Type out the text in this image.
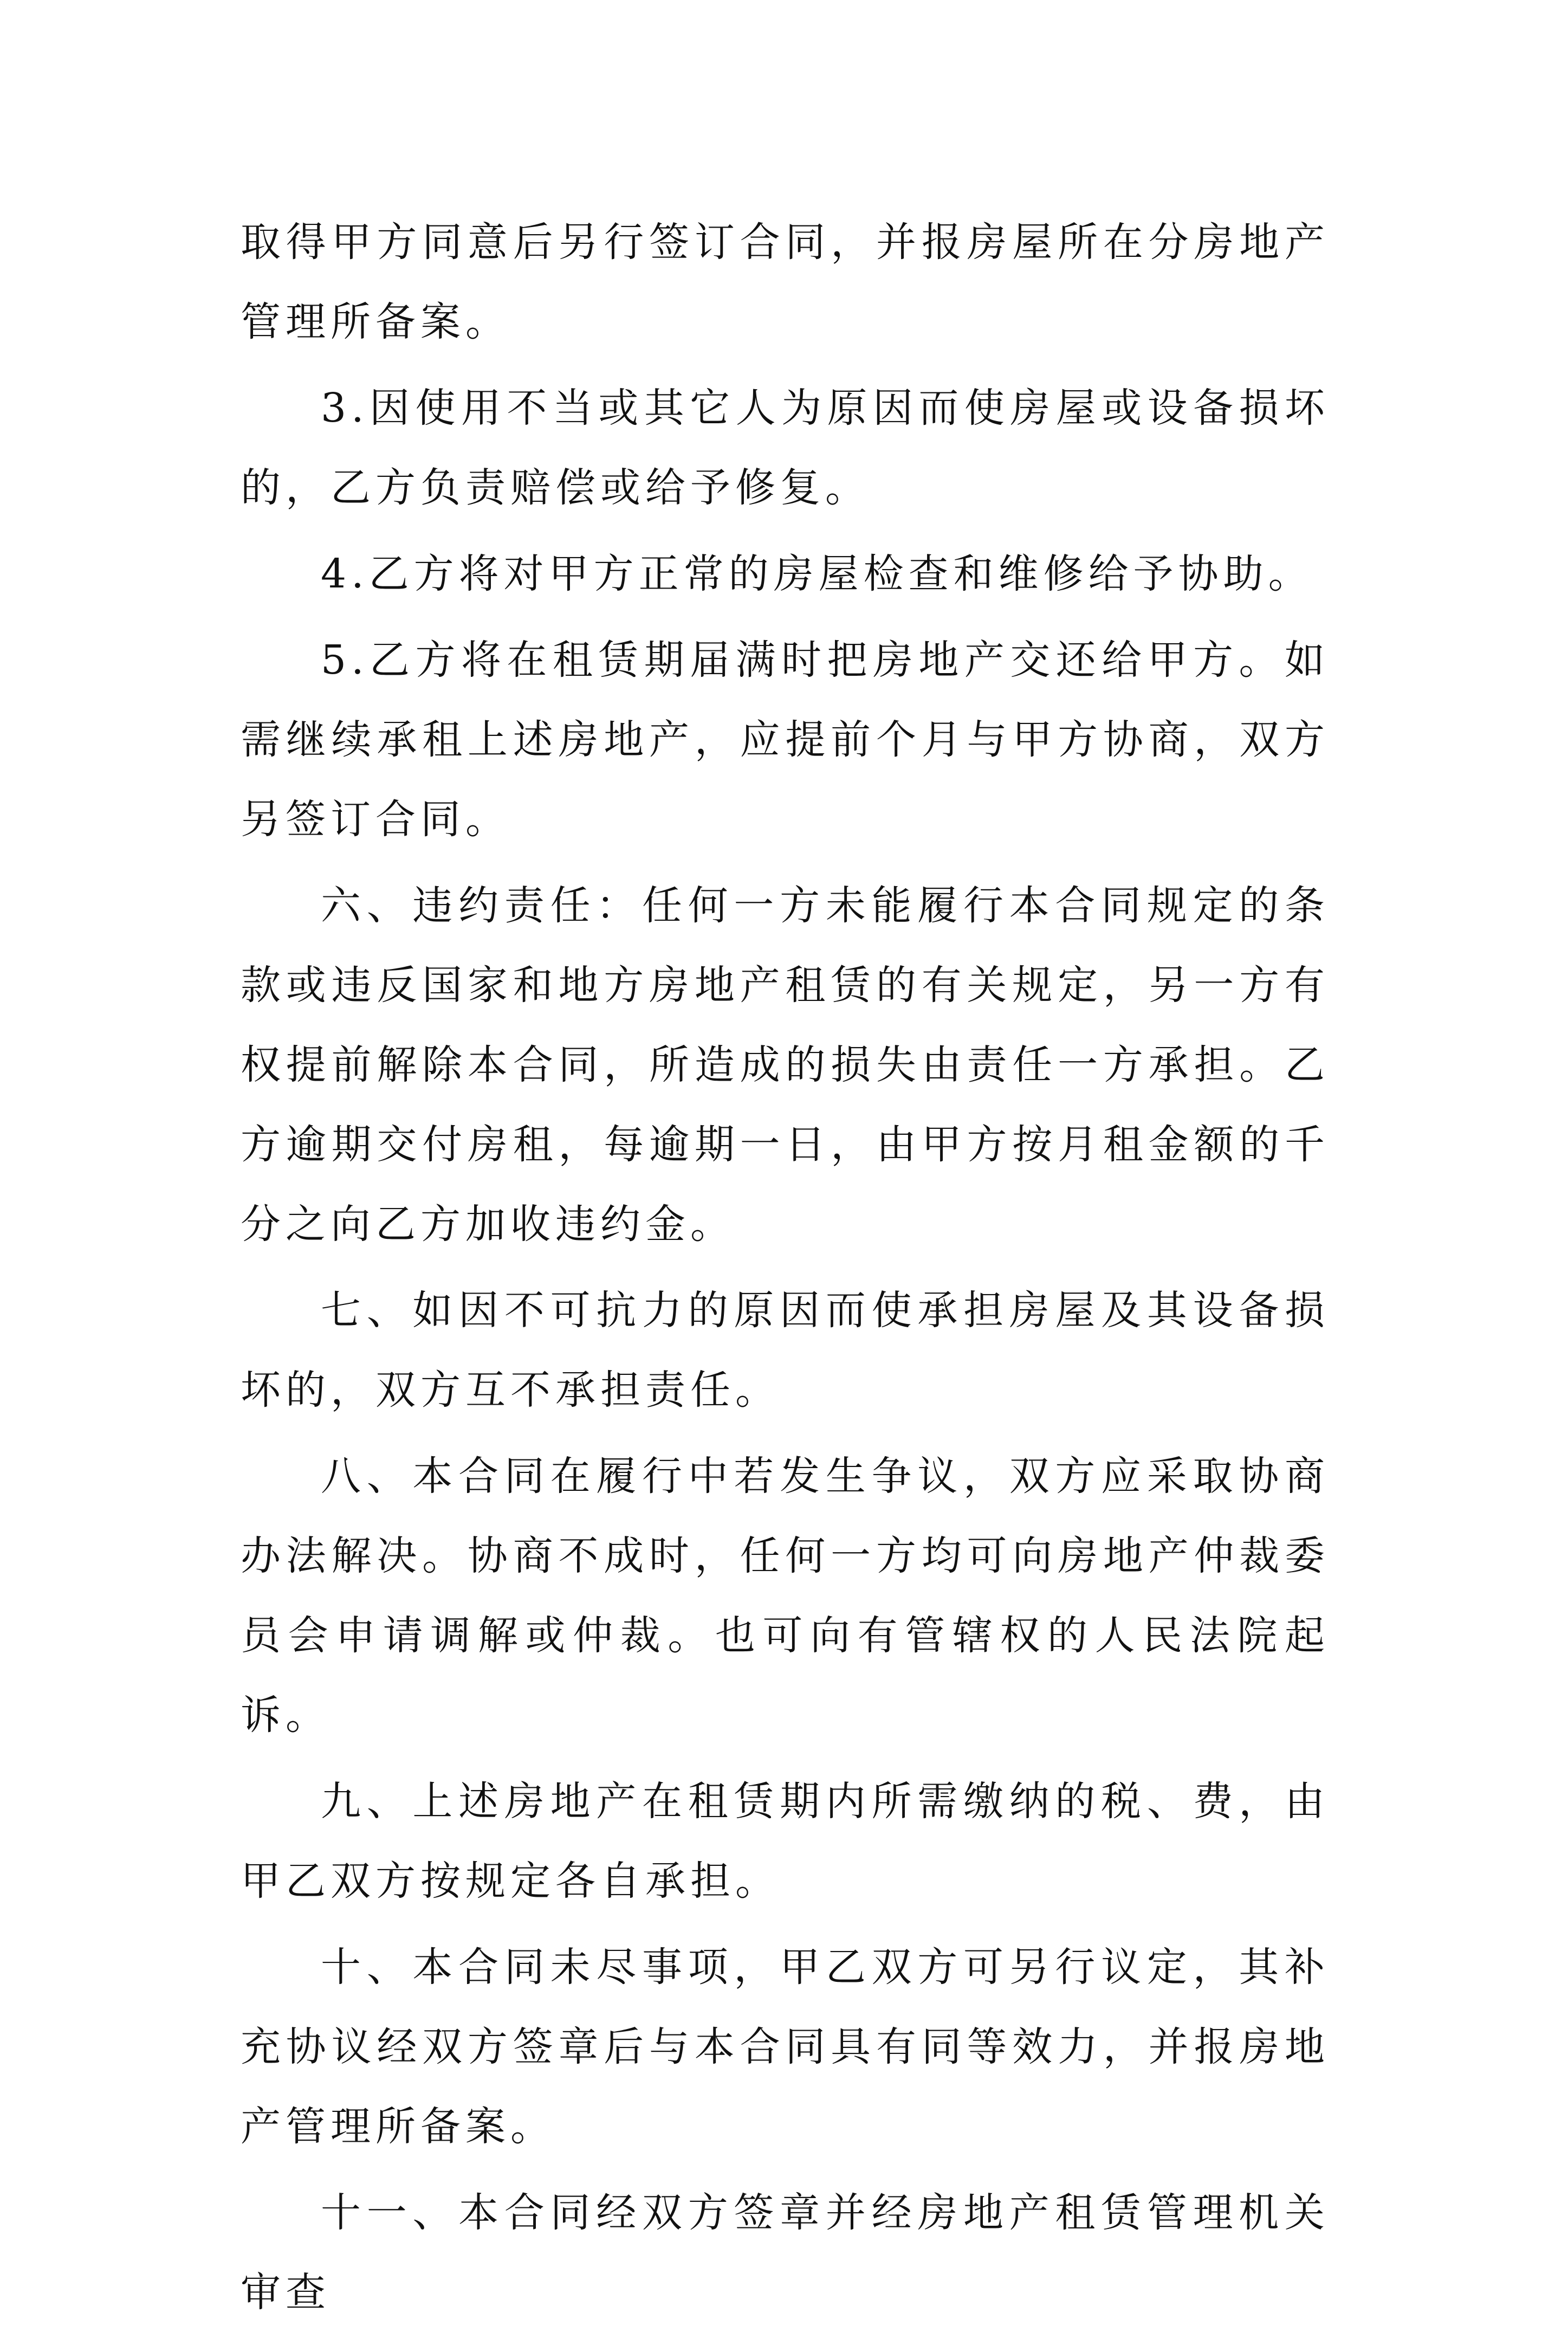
取得甲方同意后另行签订合同，并报房屋所在分房地产管理所备案。

3.因使用不当或其它人为原因而使房屋或设备损坏的，乙方负责赔偿或给予修复。

4.乙方将对甲方正常的房屋检查和维修给予协助。

5.乙方将在租赁期届满时把房地产交还给甲方。如需继续承租上述房地产，应提前个月与甲方协商，双方另签订合同。

六、违约责任：任何一方未能履行本合同规定的条款或违反国家和地方房地产租赁的有关规定，另一方有权提前解除本合同，所造成的损失由责任一方承担。乙方逾期交付房租，每逾期一日，由甲方按月租金额的千分之向乙方加收违约金。

七、如因不可抗力的原因而使承担房屋及其设备损坏的，双方互不承担责任。

八、本合同在履行中若发生争议，双方应采取协商办法解决。协商不成时，任何一方均可向房地产仲裁委员会申请调解或仲裁。也可向有管辖权的人民法院起诉。

九、上述房地产在租赁期内所需缴纳的税、费，由甲乙双方按规定各自承担。

十、本合同未尽事项，甲乙双方可另行议定，其补充协议经双方签章后与本合同具有同等效力，并报房地产管理所备案。

十一、本合同经双方签章并经房地产租赁管理机关审查
